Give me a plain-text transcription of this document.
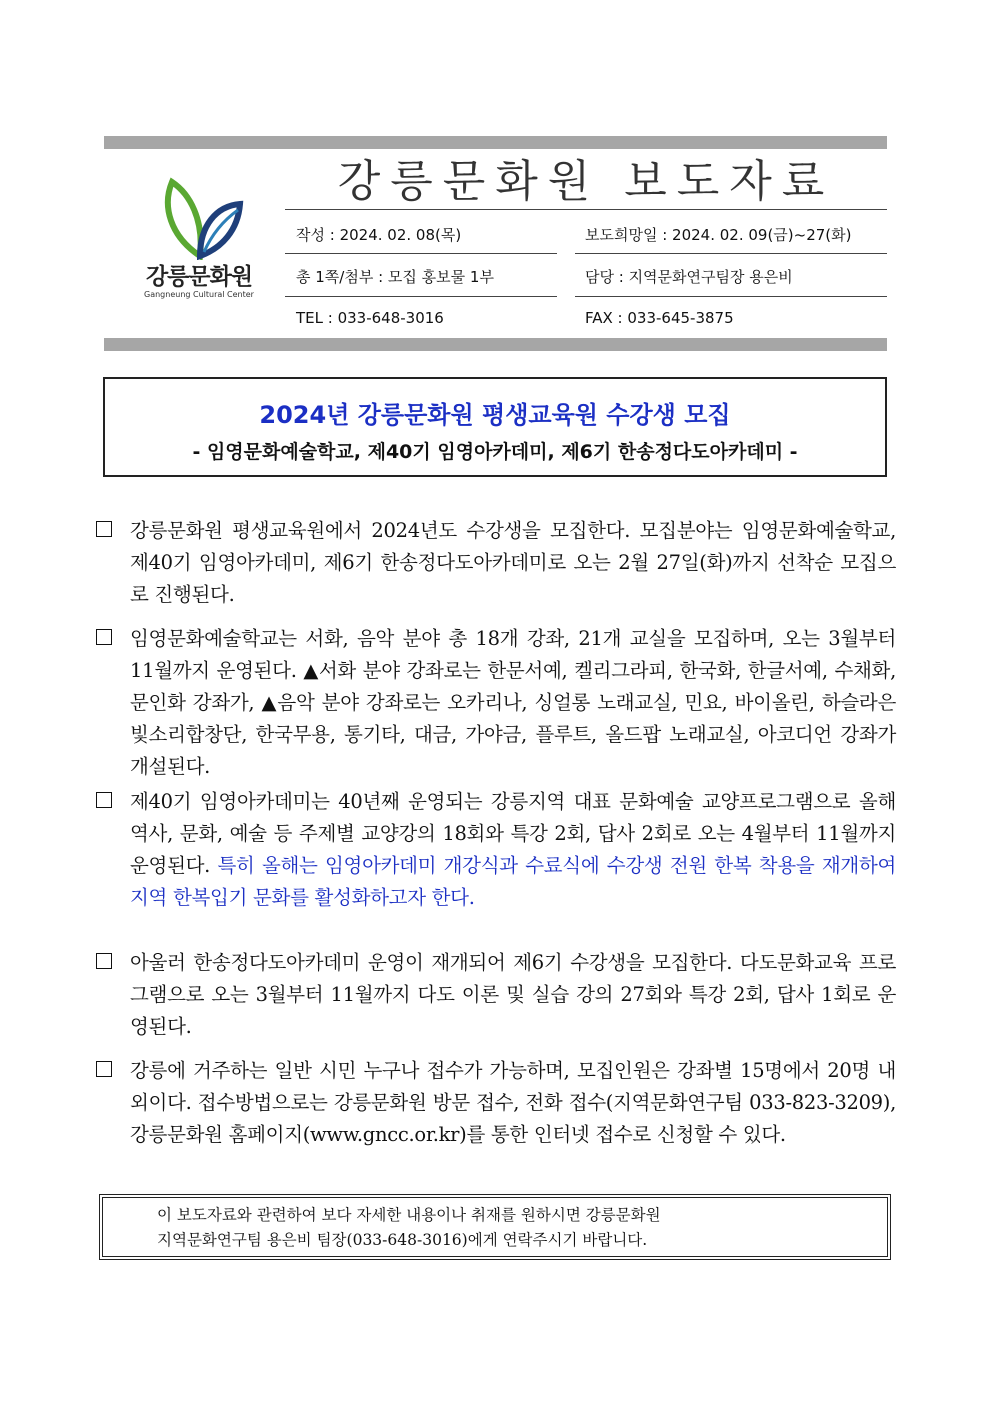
강릉문화원
Gangneung Cultural Center
강릉문화원 보도자료
작성 : 2024. 02. 08(목)	보도희망일 : 2024. 02. 09(금)~27(화)
총 1쪽/첨부 : 모집 홍보물 1부	담당 : 지역문화연구팀장 용은비
TEL : 033-648-3016	FAX : 033-645-3875
2024년 강릉문화원 평생교육원 수강생 모집
- 임영문화예술학교, 제40기 임영아카데미, 제6기 한송정다도아카데미 -
강릉문화원 평생교육원에서 2024년도 수강생을 모집한다. 모집분야는 임영문화예술학교, 제40기 임영아카데미, 제6기 한송정다도아카데미로 오는 2월 27일(화)까지 선착순 모집으로 진행된다.
임영문화예술학교는 서화, 음악 분야 총 18개 강좌, 21개 교실을 모집하며, 오는 3월부터 11월까지 운영된다. ▲서화 분야 강좌로는 한문서예, 켈리그라피, 한국화, 한글서예, 수채화, 문인화 강좌가, ▲음악 분야 강좌로는 오카리나, 싱얼롱 노래교실, 민요, 바이올린, 하슬라은빛소리합창단, 한국무용, 통기타, 대금, 가야금, 플루트, 올드팝 노래교실, 아코디언 강좌가 개설된다.
제40기 임영아카데미는 40년째 운영되는 강릉지역 대표 문화예술 교양프로그램으로 올해 역사, 문화, 예술 등 주제별 교양강의 18회와 특강 2회, 답사 2회로 오는 4월부터 11월까지 운영된다. 특히 올해는 임영아카데미 개강식과 수료식에 수강생 전원 한복 착용을 재개하여 지역 한복입기 문화를 활성화하고자 한다.
아울러 한송정다도아카데미 운영이 재개되어 제6기 수강생을 모집한다. 다도문화교육 프로그램으로 오는 3월부터 11월까지 다도 이론 및 실습 강의 27회와 특강 2회, 답사 1회로 운영된다.
강릉에 거주하는 일반 시민 누구나 접수가 가능하며, 모집인원은 강좌별 15명에서 20명 내외이다. 접수방법으로는 강릉문화원 방문 접수, 전화 접수(지역문화연구팀 033-823-3209), 강릉문화원 홈페이지(www.gncc.or.kr)를 통한 인터넷 접수로 신청할 수 있다.
이 보도자료와 관련하여 보다 자세한 내용이나 취재를 원하시면 강릉문화원
지역문화연구팀 용은비 팀장(033-648-3016)에게 연락주시기 바랍니다.
